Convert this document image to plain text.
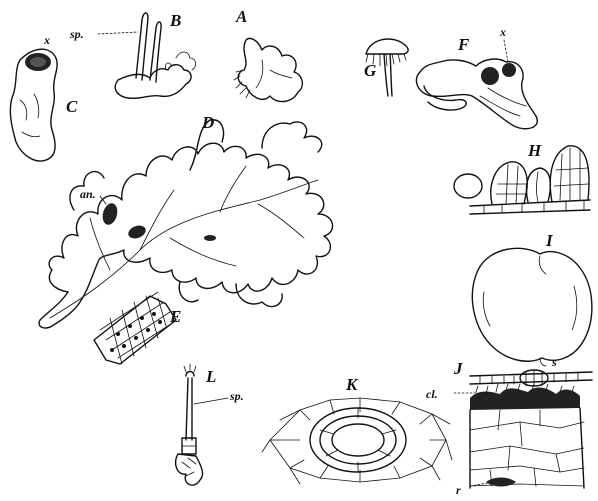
A
B
C
D
E
F
G
H
I
J
K
L
x
x
sp.
sp.
an.
cl.
s
r
